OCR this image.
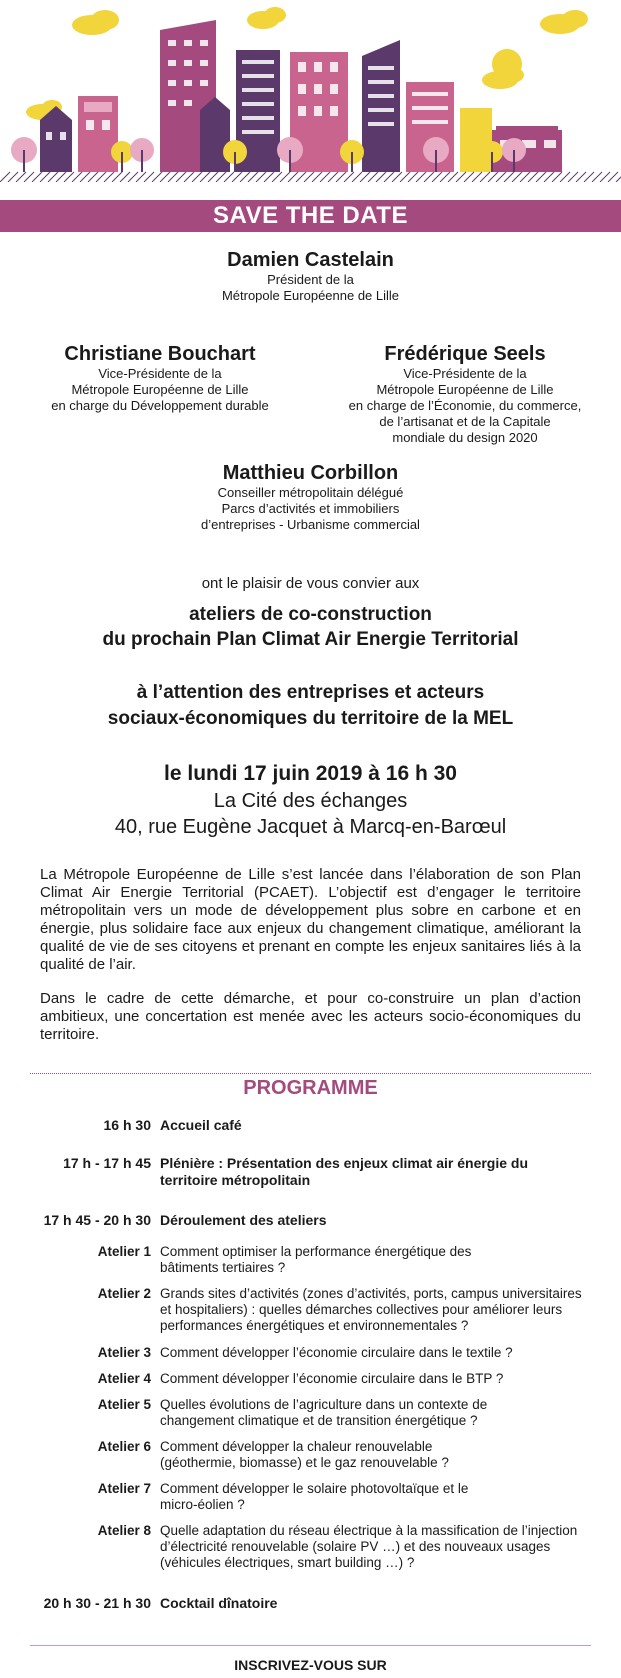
SAVE THE DATE
Damien Castelain
Président de la
Métropole Européenne de Lille
Christiane Bouchart
Vice-Présidente de la
Métropole Européenne de Lille
en charge du Développement durable
Frédérique Seels
Vice-Présidente de la
Métropole Européenne de Lille
en charge de l’Économie, du commerce,
de l’artisanat et de la Capitale
mondiale du design 2020
Matthieu Corbillon
Conseiller métropolitain délégué
Parcs d’activités et immobiliers
d’entreprises - Urbanisme commercial
ont le plaisir de vous convier aux
ateliers de co-construction
du prochain Plan Climat Air Energie Territorial
à l’attention des entreprises et acteurs
sociaux-économiques du territoire de la MEL
le lundi 17 juin 2019 à 16 h 30
La Cité des échanges
40, rue Eugène Jacquet à Marcq-en-Barœul
La Métropole Européenne de Lille s’est lancée dans l’élaboration de son Plan Climat Air Energie Territorial (PCAET). L’objectif est d’engager le territoire métropolitain vers un mode de développement plus sobre en carbone et en énergie, plus solidaire face aux enjeux du changement climatique, améliorant la qualité de vie de ses citoyens et prenant en compte les enjeux sanitaires liés à la qualité de l’air.
Dans le cadre de cette démarche, et pour co-construire un plan d’action ambitieux, une concertation est menée avec les acteurs socio-économiques du territoire.
PROGRAMME
16 h 30 Accueil café
17 h - 17 h 45 Plénière : Présentation des enjeux climat air énergie du territoire métropolitain
17 h 45 - 20 h 30 Déroulement des ateliers
Atelier 1 Comment optimiser la performance énergétique des bâtiments tertiaires ?
Atelier 2 Grands sites d’activités (zones d’activités, ports, campus universitaires et hospitaliers) : quelles démarches collectives pour améliorer leurs performances énergétiques et environnementales ?
Atelier 3 Comment développer l’économie circulaire dans le textile ?
Atelier 4 Comment développer l’économie circulaire dans le BTP ?
Atelier 5 Quelles évolutions de l’agriculture dans un contexte de changement climatique et de transition énergétique ?
Atelier 6 Comment développer la chaleur renouvelable (géothermie, biomasse) et le gaz renouvelable ?
Atelier 7 Comment développer le solaire photovoltaïque et le micro-éolien ?
Atelier 8 Quelle adaptation du réseau électrique à la massification de l’injection d’électricité renouvelable (solaire PV …) et des nouveaux usages (véhicules électriques, smart building …) ?
20 h 30 - 21 h 30 Cocktail dînatoire
INSCRIVEZ-VOUS SUR
